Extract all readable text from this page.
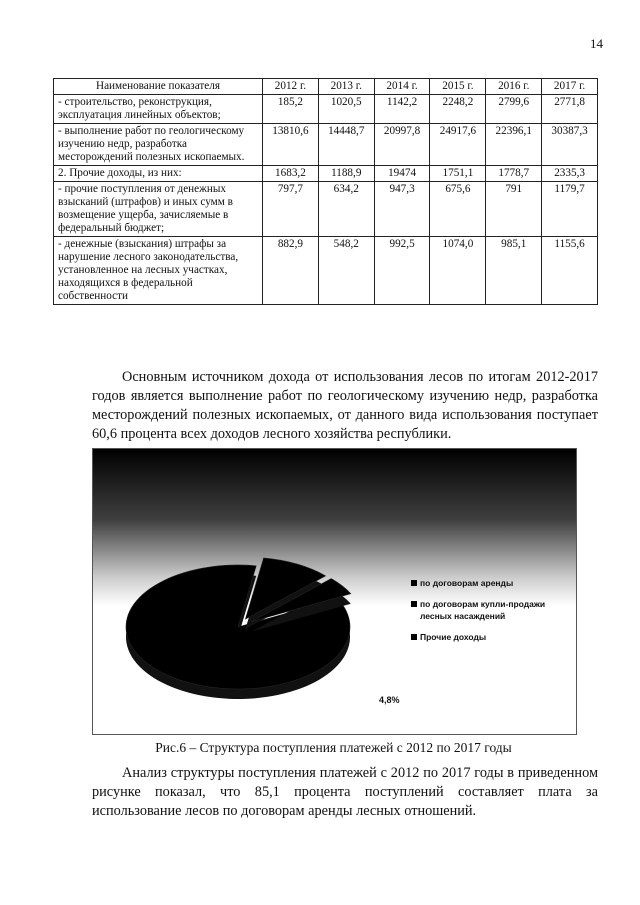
14
Наименование показателя	2012 г.	2013 г.	2014 г.	2015 г.	2016 г.	2017 г.
- строительство, реконструкция, эксплуатация линейных объектов;	185,2	1020,5	1142,2	2248,2	2799,6	2771,8
- выполнение работ по геологическому изучению недр, разработка месторождений полезных ископаемых.	13810,6	14448,7	20997,8	24917,6	22396,1	30387,3
2. Прочие доходы, из них:	1683,2	1188,9	19474	1751,1	1778,7	2335,3
- прочие поступления от денежных взысканий (штрафов) и иных сумм в возмещение ущерба, зачисляемые в федеральный бюджет;	797,7	634,2	947,3	675,6	791	1179,7
- денежные (взыскания) штрафы за нарушение лесного законодательства, установленное на лесных участках, находящихся в федеральной собственности	882,9	548,2	992,5	1074,0	985,1	1155,6
Основным источником дохода от использования лесов по итогам 2012-2017 годов является выполнение работ по геологическому изучению недр, разработка месторождений полезных ископаемых, от данного вида использования поступает 60,6 процента всех доходов лесного хозяйства республики.
по договорам аренды
по договорам купли-продажи лесных насаждений
Прочие доходы
4,8%
Рис.6 – Структура поступления платежей с 2012 по 2017 годы
Анализ структуры поступления платежей с 2012 по 2017 годы в приведенном рисунке показал, что 85,1 процента поступлений составляет плата за использование лесов по договорам аренды лесных отношений.
